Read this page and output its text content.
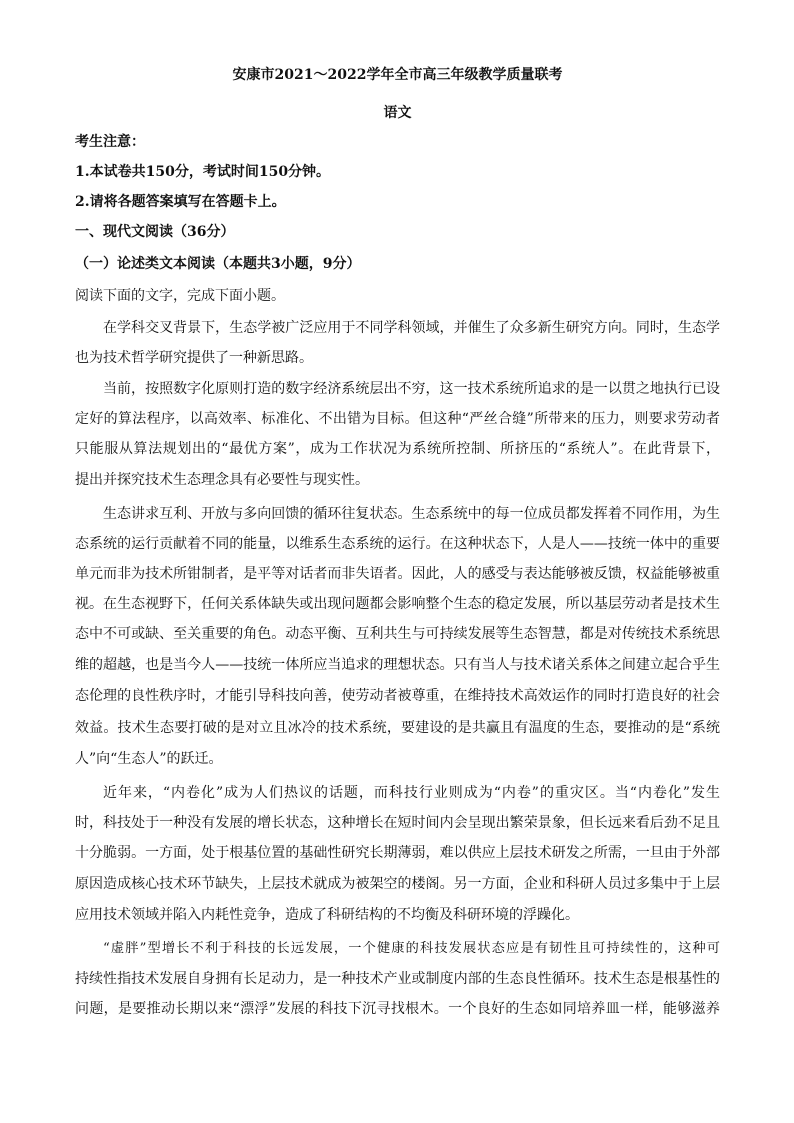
安康市2021～2022学年全市高三年级教学质量联考
语文
考生注意：
1.本试卷共150分，考试时间150分钟。
2.请将各题答案填写在答题卡上。
一、现代文阅读（36分）
（一）论述类文本阅读（本题共3小题，9分）
阅读下面的文字，完成下面小题。
在学科交叉背景下，生态学被广泛应用于不同学科领域，并催生了众多新生研究方向。同时，生态学
也为技术哲学研究提供了一种新思路。
当前，按照数字化原则打造的数字经济系统层出不穷，这一技术系统所追求的是一以贯之地执行已设
定好的算法程序，以高效率、标准化、不出错为目标。但这种“严丝合缝”所带来的压力，则要求劳动者
只能服从算法规划出的“最优方案”，成为工作状况为系统所控制、所挤压的“系统人”。在此背景下，
提出并探究技术生态理念具有必要性与现实性。
生态讲求互利、开放与多向回馈的循环往复状态。生态系统中的每一位成员都发挥着不同作用，为生
态系统的运行贡献着不同的能量，以维系生态系统的运行。在这种状态下，人是人——技统一体中的重要
单元而非为技术所钳制者，是平等对话者而非失语者。因此，人的感受与表达能够被反馈，权益能够被重
视。在生态视野下，任何关系体缺失或出现问题都会影响整个生态的稳定发展，所以基层劳动者是技术生
态中不可或缺、至关重要的角色。动态平衡、互利共生与可持续发展等生态智慧，都是对传统技术系统思
维的超越，也是当今人——技统一体所应当追求的理想状态。只有当人与技术诸关系体之间建立起合乎生
态伦理的良性秩序时，才能引导科技向善，使劳动者被尊重，在维持技术高效运作的同时打造良好的社会
效益。技术生态要打破的是对立且冰冷的技术系统，要建设的是共赢且有温度的生态，要推动的是“系统
人”向“生态人”的跃迁。
近年来，“内卷化”成为人们热议的话题，而科技行业则成为“内卷”的重灾区。当“内卷化”发生
时，科技处于一种没有发展的增长状态，这种增长在短时间内会呈现出繁荣景象，但长远来看后劲不足且
十分脆弱。一方面，处于根基位置的基础性研究长期薄弱，难以供应上层技术研发之所需，一旦由于外部
原因造成核心技术环节缺失，上层技术就成为被架空的楼阁。另一方面，企业和科研人员过多集中于上层
应用技术领域并陷入内耗性竞争，造成了科研结构的不均衡及科研环境的浮躁化。
“虚胖”型增长不利于科技的长远发展，一个健康的科技发展状态应是有韧性且可持续性的，这种可
持续性指技术发展自身拥有长足动力，是一种技术产业或制度内部的生态良性循环。技术生态是根基性的
问题，是要推动长期以来“漂浮”发展的科技下沉寻找根木。一个良好的生态如同培养皿一样，能够滋养
